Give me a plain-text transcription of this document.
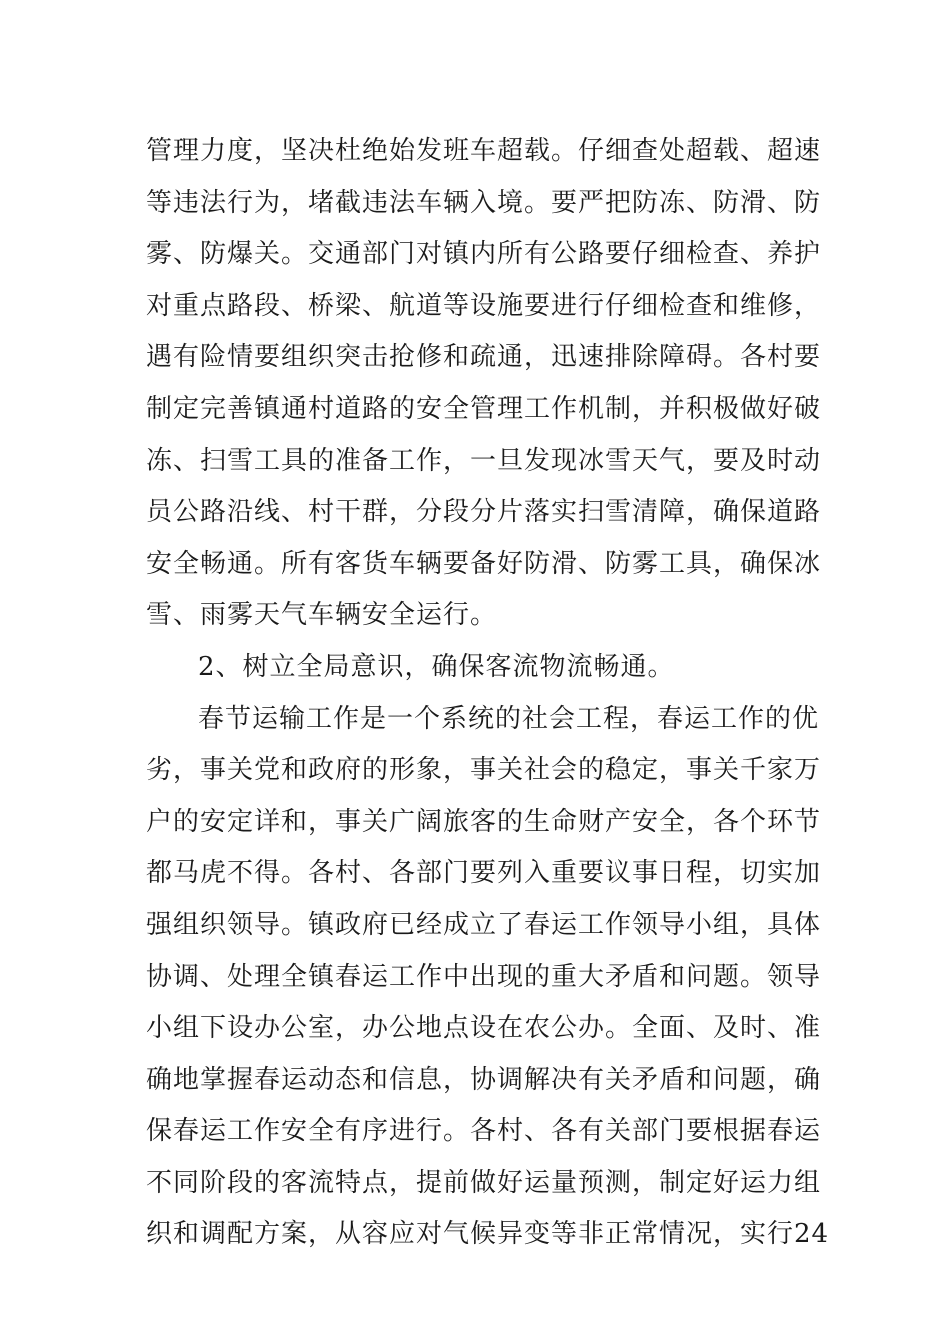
管理力度，坚决杜绝始发班车超载。仔细查处超载、超速
等违法行为，堵截违法车辆入境。要严把防冻、防滑、防
雾、防爆关。交通部门对镇内所有公路要仔细检查、养护
对重点路段、桥梁、航道等设施要进行仔细检查和维修，
遇有险情要组织突击抢修和疏通，迅速排除障碍。各村要
制定完善镇通村道路的安全管理工作机制，并积极做好破
冻、扫雪工具的准备工作，一旦发现冰雪天气，要及时动
员公路沿线、村干群，分段分片落实扫雪清障，确保道路
安全畅通。所有客货车辆要备好防滑、防雾工具，确保冰
雪、雨雾天气车辆安全运行。
2、树立全局意识，确保客流物流畅通。
春节运输工作是一个系统的社会工程，春运工作的优
劣，事关党和政府的形象，事关社会的稳定，事关千家万
户的安定详和，事关广阔旅客的生命财产安全，各个环节
都马虎不得。各村、各部门要列入重要议事日程，切实加
强组织领导。镇政府已经成立了春运工作领导小组，具体
协调、处理全镇春运工作中出现的重大矛盾和问题。领导
小组下设办公室，办公地点设在农公办。全面、及时、准
确地掌握春运动态和信息，协调解决有关矛盾和问题，确
保春运工作安全有序进行。各村、各有关部门要根据春运
不同阶段的客流特点，提前做好运量预测，制定好运力组
织和调配方案，从容应对气候异变等非正常情况，实行24
